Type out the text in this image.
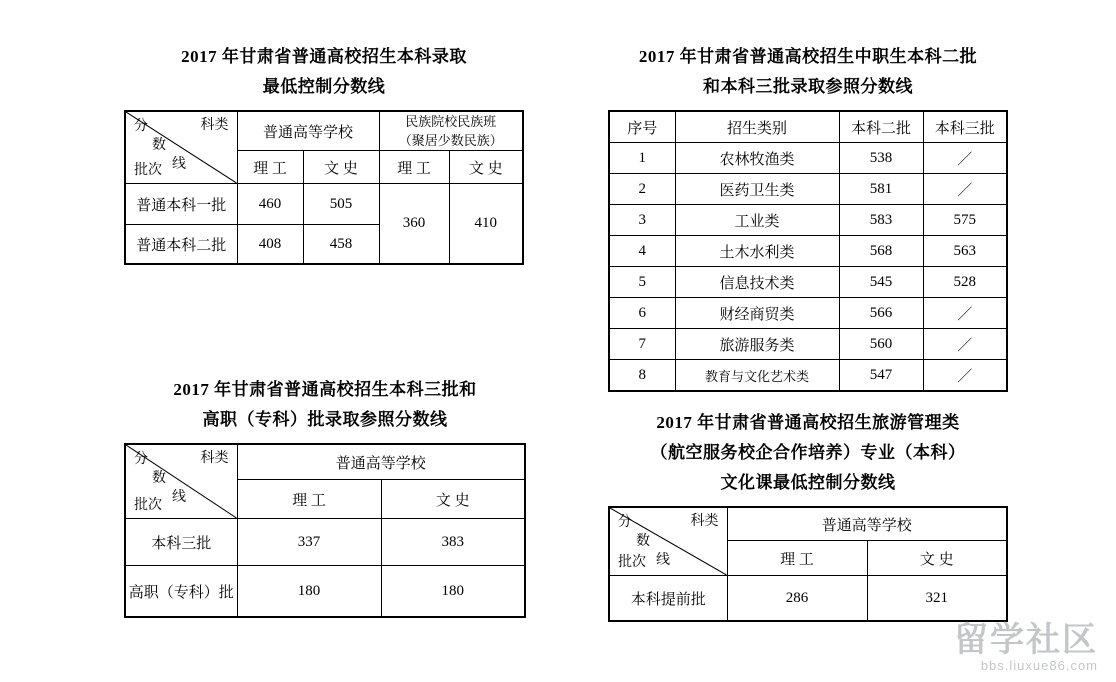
2017 年甘肃省普通高校招生本科录取
最低控制分数线
分
数
线
科类
批次
	普通高等学校	
民族院校民族班
（聚居少数民族）

	理 工	文 史	理 工	文 史
普通本科一批	460	505	360	410
普通本科二批	408	458		
2017 年甘肃省普通高校招生中职生本科二批
和本科三批录取参照分数线
序号	招生类别	本科二批	本科三批
1	农林牧渔类	538	／
2	医药卫生类	581	／
3	工业类	583	575
4	土木水利类	568	563
5	信息技术类	545	528
6	财经商贸类	566	／
7	旅游服务类	560	／
8	教育与文化艺术类	547	／
2017 年甘肃省普通高校招生本科三批和
高职（专科）批录取参照分数线
分
数
线
科类
批次	普通高等学校	
	理 工	文 史
本科三批	337	383
高职（专科）批	180	180
2017 年甘肃省普通高校招生旅游管理类
（航空服务校企合作培养）专业（本科）
文化课最低控制分数线
分
数
线
科类
批次	普通高等学校	
	理 工	文 史
本科提前批	286	321
留学社区
bbs.liuxue86.com
